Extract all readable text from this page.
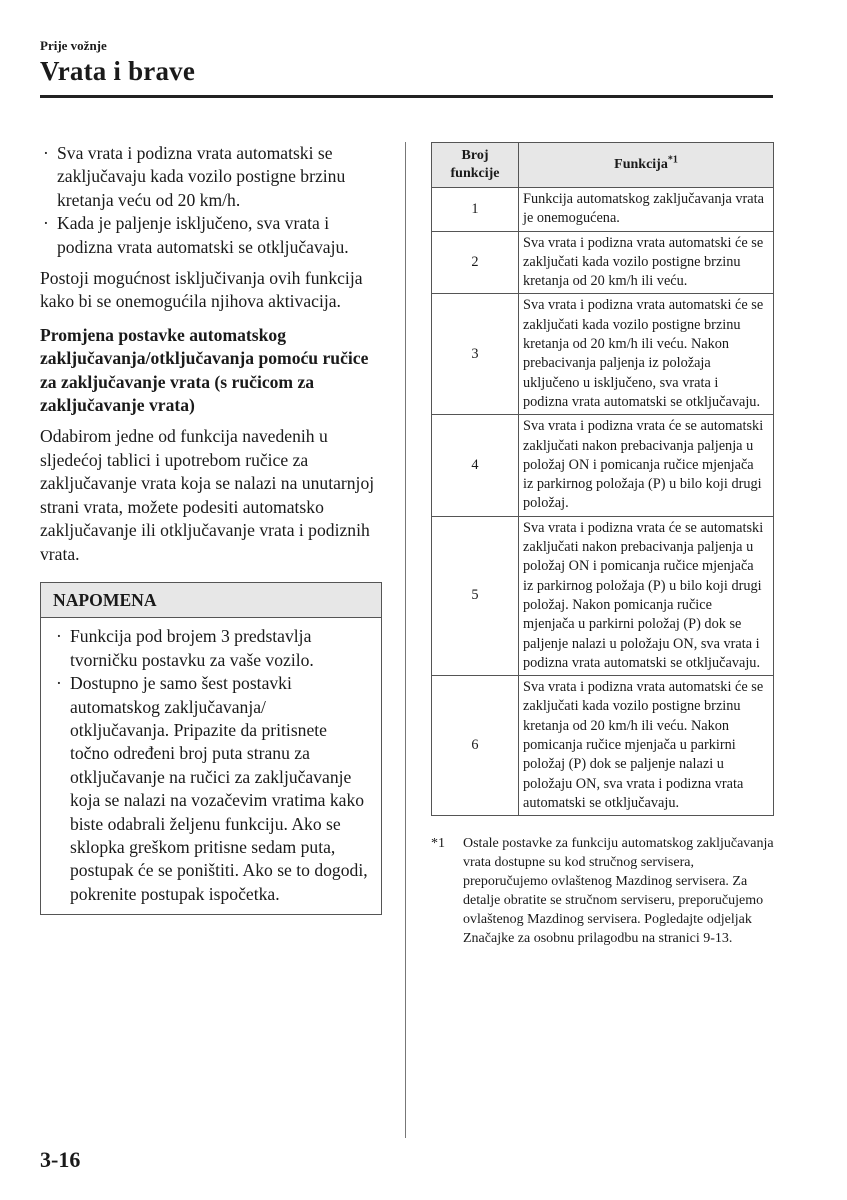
Prije vožnje
Vrata i brave
· Sva vrata i podizna vrata automatski se zaključavaju kada vozilo postigne brzinu kretanja veću od 20 km/h.
· Kada je paljenje isključeno, sva vrata i podizna vrata automatski se otključavaju.

Postoji mogućnost isključivanja ovih funkcija kako bi se onemogućila njihova aktivacija.

Promjena postavke automatskog zaključavanja/otključavanja pomoću ručice za zaključavanje vrata (s ručicom za zaključavanje vrata)

Odabirom jedne od funkcija navedenih u sljedećoj tablici i upotrebom ručice za zaključavanje vrata koja se nalazi na unutarnjoj strani vrata, možete podesiti automatsko zaključavanje ili otključavanje vrata i podiznih vrata.

NAPOMENA
· Funkcija pod brojem 3 predstavlja tvorničku postavku za vaše vozilo.
· Dostupno je samo šest postavki automatskog zaključavanja/ otključavanja. Pripazite da pritisnete točno određeni broj puta stranu za otključavanje na ručici za zaključavanje koja se nalazi na vozačevim vratima kako biste odabrali željenu funkciju. Ako se sklopka greškom pritisne sedam puta, postupak će se poništiti. Ako se to dogodi, pokrenite postupak ispočetka.
Broj funkcije	Funkcija$^{*1}$
1	Funkcija automatskog zaključavanja vrata je onemogućena.
2	Sva vrata i podizna vrata automatski će se zaključati kada vozilo postigne brzinu kretanja od 20 km/h ili veću.
3	Sva vrata i podizna vrata automatski će se zaključati kada vozilo postigne brzinu kretanja od 20 km/h ili veću. Nakon prebacivanja paljenja iz položaja uključeno u isključeno, sva vrata i podizna vrata automatski se otključavaju.
4	Sva vrata i podizna vrata će se automatski zaključati nakon prebacivanja paljenja u položaj ON i pomicanja ručice mjenjača iz parkirnog položaja (P) u bilo koji drugi položaj.
5	Sva vrata i podizna vrata će se automatski zaključati nakon prebacivanja paljenja u položaj ON i pomicanja ručice mjenjača iz parkirnog položaja (P) u bilo koji drugi položaj. Nakon pomicanja ručice mjenjača u parkirni položaj (P) dok se paljenje nalazi u položaju ON, sva vrata i podizna vrata automatski se otključavaju.
6	Sva vrata i podizna vrata automatski će se zaključati kada vozilo postigne brzinu kretanja od 20 km/h ili veću. Nakon pomicanja ručice mjenjača u parkirni položaj (P) dok se paljenje nalazi u položaju ON, sva vrata i podizna vrata automatski se otključavaju.
*1 Ostale postavke za funkciju automatskog zaključavanja vrata dostupne su kod stručnog servisera, preporučujemo ovlaštenog Mazdinog servisera. Za detalje obratite se stručnom serviseru, preporučujemo ovlaštenog Mazdinog servisera. Pogledajte odjeljak Značajke za osobnu prilagodbu na stranici 9-13.
3-16
